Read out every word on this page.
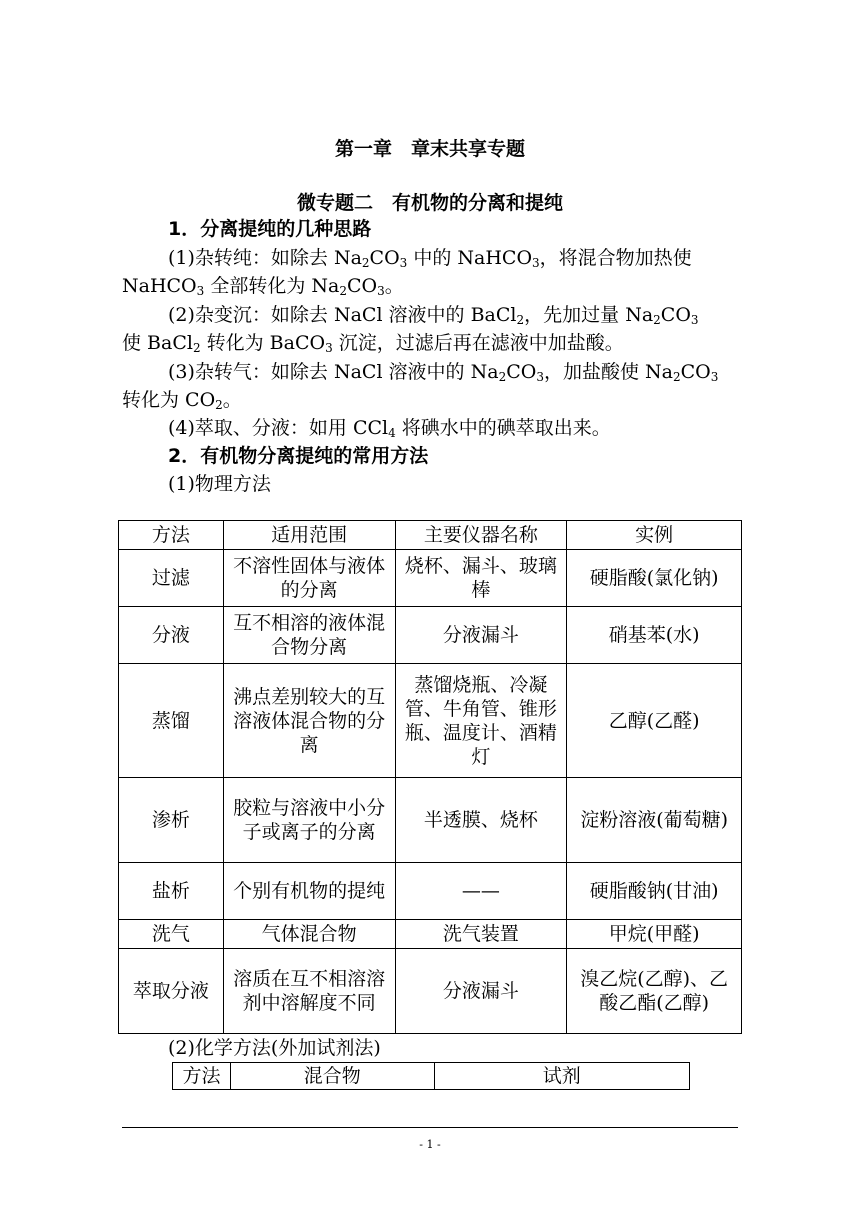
第一章　章末共享专题
微专题二　有机物的分离和提纯
1．分离提纯的几种思路
(1)杂转纯：如除去 $Na_2CO_3$ 中的 NaHCO$_3$，将混合物加热使
NaHCO$_3$ 全部转化为 $Na_2CO_3$。
(2)杂变沉：如除去 NaCl 溶液中的 BaCl$_2$，先加过量 $Na_2CO_3$
使 BaCl$_2$ 转化为 BaCO$_3$ 沉淀，过滤后再在滤液中加盐酸。
(3)杂转气：如除去 NaCl 溶液中的 $Na_2CO_3$，加盐酸使 $Na_2CO_3$
转化为 $CO_2$。
(4)萃取、分液：如用 CCl$_4$ 将碘水中的碘萃取出来。
2．有机物分离提纯的常用方法
(1)物理方法
方法	适用范围	主要仪器名称	实例
过滤	不溶性固体与液体的分离	烧杯、漏斗、玻璃棒	硬脂酸(氯化钠)
分液	互不相溶的液体混合物分离	分液漏斗	硝基苯(水)
蒸馏	沸点差别较大的互溶液体混合物的分离	蒸馏烧瓶、冷凝管、牛角管、锥形瓶、温度计、酒精灯	乙醇(乙醛)
渗析	胶粒与溶液中小分子或离子的分离	半透膜、烧杯	淀粉溶液(葡萄糖)
盐析	个别有机物的提纯	——	硬脂酸钠(甘油)
洗气	气体混合物	洗气装置	甲烷(甲醛)
萃取分液	溶质在互不相溶溶剂中溶解度不同	分液漏斗	溴乙烷(乙醇)、乙酸乙酯(乙醇)
(2)化学方法(外加试剂法)
方法	混合物	试剂
- 1 -
